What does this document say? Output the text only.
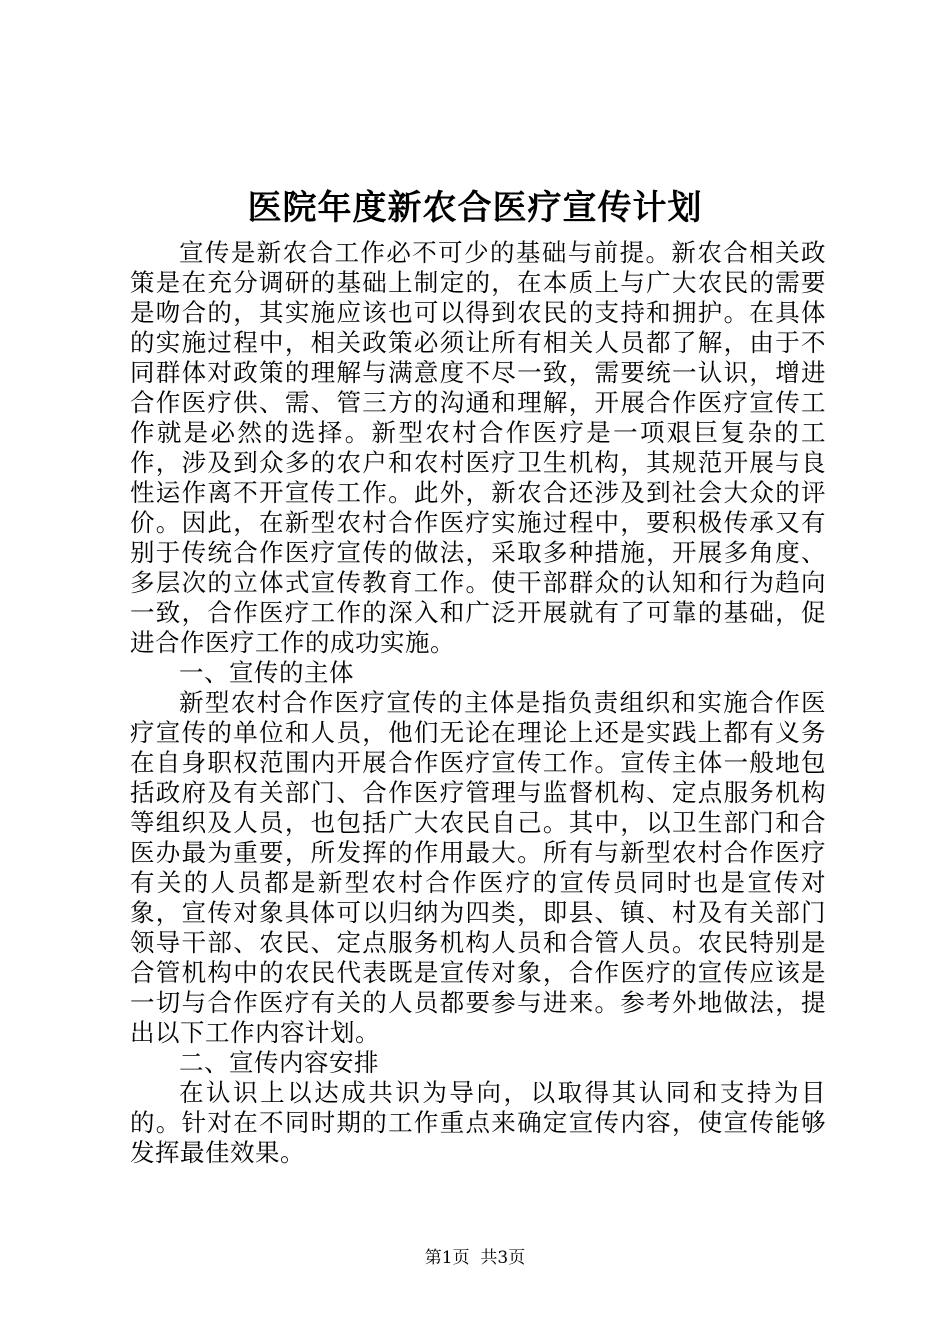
医院年度新农合医疗宣传计划

宣传是新农合工作必不可少的基础与前提。新农合相关政策是在充分调研的基础上制定的，在本质上与广大农民的需要是吻合的，其实施应该也可以得到农民的支持和拥护。在具体的实施过程中，相关政策必须让所有相关人员都了解，由于不同群体对政策的理解与满意度不尽一致，需要统一认识，增进合作医疗供、需、管三方的沟通和理解，开展合作医疗宣传工作就是必然的选择。新型农村合作医疗是一项艰巨复杂的工作，涉及到众多的农户和农村医疗卫生机构，其规范开展与良性运作离不开宣传工作。此外，新农合还涉及到社会大众的评价。因此，在新型农村合作医疗实施过程中，要积极传承又有别于传统合作医疗宣传的做法，采取多种措施，开展多角度、多层次的立体式宣传教育工作。使干部群众的认知和行为趋向一致，合作医疗工作的深入和广泛开展就有了可靠的基础，促进合作医疗工作的成功实施。

一、宣传的主体

新型农村合作医疗宣传的主体是指负责组织和实施合作医疗宣传的单位和人员，他们无论在理论上还是实践上都有义务在自身职权范围内开展合作医疗宣传工作。宣传主体一般地包括政府及有关部门、合作医疗管理与监督机构、定点服务机构等组织及人员，也包括广大农民自己。其中，以卫生部门和合医办最为重要，所发挥的作用最大。所有与新型农村合作医疗有关的人员都是新型农村合作医疗的宣传员同时也是宣传对象，宣传对象具体可以归纳为四类，即县、镇、村及有关部门领导干部、农民、定点服务机构人员和合管人员。农民特别是合管机构中的农民代表既是宣传对象，合作医疗的宣传应该是一切与合作医疗有关的人员都要参与进来。参考外地做法，提出以下工作内容计划。

二、宣传内容安排

在认识上以达成共识为导向，以取得其认同和支持为目的。针对在不同时期的工作重点来确定宣传内容，使宣传能够发挥最佳效果。

第1页 共3页
